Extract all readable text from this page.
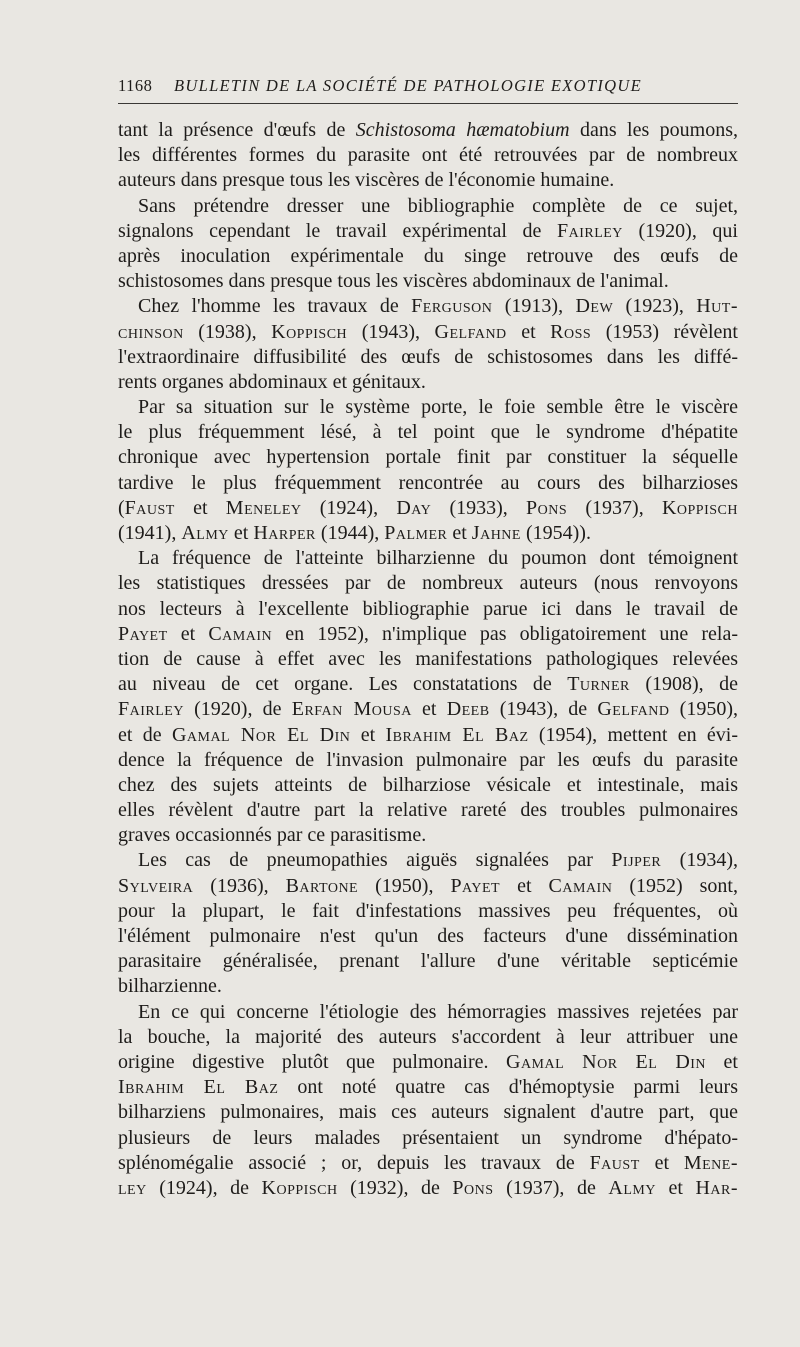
1168 BULLETIN DE LA SOCIÉTÉ DE PATHOLOGIE EXOTIQUE
tant la présence d'œufs de Schistosoma hæmatobium dans les poumons,
les différentes formes du parasite ont été retrouvées par de nombreux
auteurs dans presque tous les viscères de l'économie humaine.
Sans prétendre dresser une bibliographie complète de ce sujet,
signalons cependant le travail expérimental de Fairley (1920), qui
après inoculation expérimentale du singe retrouve des œufs de
schistosomes dans presque tous les viscères abdominaux de l'animal.
Chez l'homme les travaux de Ferguson (1913), Dew (1923), Hut-
chinson (1938), Koppisch (1943), Gelfand et Ross (1953) révèlent
l'extraordinaire diffusibilité des œufs de schistosomes dans les diffé-
rents organes abdominaux et génitaux.
Par sa situation sur le système porte, le foie semble être le viscère
le plus fréquemment lésé, à tel point que le syndrome d'hépatite
chronique avec hypertension portale finit par constituer la séquelle
tardive le plus fréquemment rencontrée au cours des bilharzioses
(Faust et Meneley (1924), Day (1933), Pons (1937), Koppisch
(1941), Almy et Harper (1944), Palmer et Jahne (1954)).
La fréquence de l'atteinte bilharzienne du poumon dont témoignent
les statistiques dressées par de nombreux auteurs (nous renvoyons
nos lecteurs à l'excellente bibliographie parue ici dans le travail de
Payet et Camain en 1952), n'implique pas obligatoirement une rela-
tion de cause à effet avec les manifestations pathologiques relevées
au niveau de cet organe. Les constatations de Turner (1908), de
Fairley (1920), de Erfan Mousa et Deeb (1943), de Gelfand (1950),
et de Gamal Nor El Din et Ibrahim El Baz (1954), mettent en évi-
dence la fréquence de l'invasion pulmonaire par les œufs du parasite
chez des sujets atteints de bilharziose vésicale et intestinale, mais
elles révèlent d'autre part la relative rareté des troubles pulmonaires
graves occasionnés par ce parasitisme.
Les cas de pneumopathies aiguës signalées par Pijper (1934),
Sylveira (1936), Bartone (1950), Payet et Camain (1952) sont,
pour la plupart, le fait d'infestations massives peu fréquentes, où
l'élément pulmonaire n'est qu'un des facteurs d'une dissémination
parasitaire généralisée, prenant l'allure d'une véritable septicémie
bilharzienne.
En ce qui concerne l'étiologie des hémorragies massives rejetées par
la bouche, la majorité des auteurs s'accordent à leur attribuer une
origine digestive plutôt que pulmonaire. Gamal Nor El Din et
Ibrahim El Baz ont noté quatre cas d'hémoptysie parmi leurs
bilharziens pulmonaires, mais ces auteurs signalent d'autre part, que
plusieurs de leurs malades présentaient un syndrome d'hépato-
splénomégalie associé ; or, depuis les travaux de Faust et Mene-
ley (1924), de Koppisch (1932), de Pons (1937), de Almy et Har-
